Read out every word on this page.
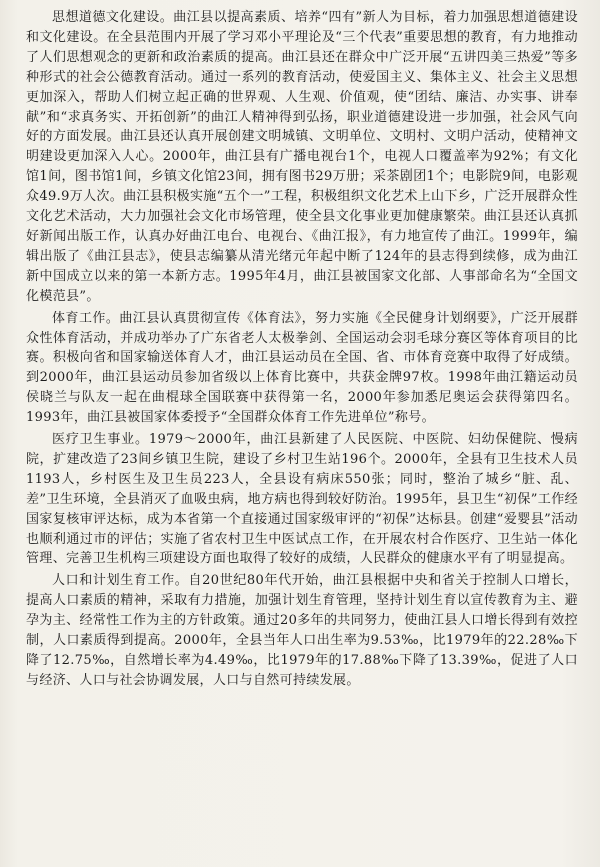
思想道德文化建设。曲江县以提高素质、培养“四有”新人为目标，着力加强思想道德建设和文化建设。在全县范围内开展了学习邓小平理论及“三个代表”重要思想的教育，有力地推动了人们思想观念的更新和政治素质的提高。曲江县还在群众中广泛开展“五讲四美三热爱”等多种形式的社会公德教育活动。通过一系列的教育活动，使爱国主义、集体主义、社会主义思想更加深入，帮助人们树立起正确的世界观、人生观、价值观，使“团结、廉洁、办实事、讲奉献”和“求真务实、开拓创新”的曲江人精神得到弘扬，职业道德建设进一步加强，社会风气向好的方面发展。曲江县还认真开展创建文明城镇、文明单位、文明村、文明户活动，使精神文明建设更加深入人心。2000年，曲江县有广播电视台1个，电视人口覆盖率为92%；有文化馆1间，图书馆1间，乡镇文化馆23间，拥有图书29万册；采茶剧团1个；电影院9间，电影观众49.9万人次。曲江县积极实施“五个一”工程，积极组织文化艺术上山下乡，广泛开展群众性文化艺术活动，大力加强社会文化市场管理，使全县文化事业更加健康繁荣。曲江县还认真抓好新闻出版工作，认真办好曲江电台、电视台、《曲江报》，有力地宣传了曲江。1999年，编辑出版了《曲江县志》，使县志编纂从清光绪元年起中断了124年的县志得到续修，成为曲江新中国成立以来的第一本新方志。1995年4月，曲江县被国家文化部、人事部命名为“全国文化模范县”。

体育工作。曲江县认真贯彻宣传《体育法》，努力实施《全民健身计划纲要》，广泛开展群众性体育活动，并成功举办了广东省老人太极拳剑、全国运动会羽毛球分赛区等体育项目的比赛。积极向省和国家输送体育人才，曲江县运动员在全国、省、市体育竞赛中取得了好成绩。到2000年，曲江县运动员参加省级以上体育比赛中，共获金牌97枚。1998年曲江籍运动员侯晓兰与队友一起在曲棍球全国联赛中获得第一名，2000年参加悉尼奥运会获得第四名。1993年，曲江县被国家体委授予“全国群众体育工作先进单位”称号。

医疗卫生事业。1979～2000年，曲江县新建了人民医院、中医院、妇幼保健院、慢病院，扩建改造了23间乡镇卫生院，建设了乡村卫生站196个。2000年，全县有卫生技术人员1193人，乡村医生及卫生员223人，全县设有病床550张；同时，整治了城乡“脏、乱、差”卫生环境，全县消灭了血吸虫病，地方病也得到较好防治。1995年，县卫生“初保”工作经国家复核审评达标，成为本省第一个直接通过国家级审评的“初保”达标县。创建“爱婴县”活动也顺利通过市的评估；实施了省农村卫生中医试点工作，在开展农村合作医疗、卫生站一体化管理、完善卫生机构三项建设方面也取得了较好的成绩，人民群众的健康水平有了明显提高。

人口和计划生育工作。自20世纪80年代开始，曲江县根据中央和省关于控制人口增长，提高人口素质的精神，采取有力措施，加强计划生育管理，坚持计划生育以宣传教育为主、避孕为主、经常性工作为主的方针政策。通过20多年的共同努力，使曲江县人口增长得到有效控制，人口素质得到提高。2000年，全县当年人口出生率为9.53‰，比1979年的22.28‰下降了12.75‰，自然增长率为4.49‰，比1979年的17.88‰下降了13.39‰，促进了人口与经济、人口与社会协调发展，人口与自然可持续发展。
